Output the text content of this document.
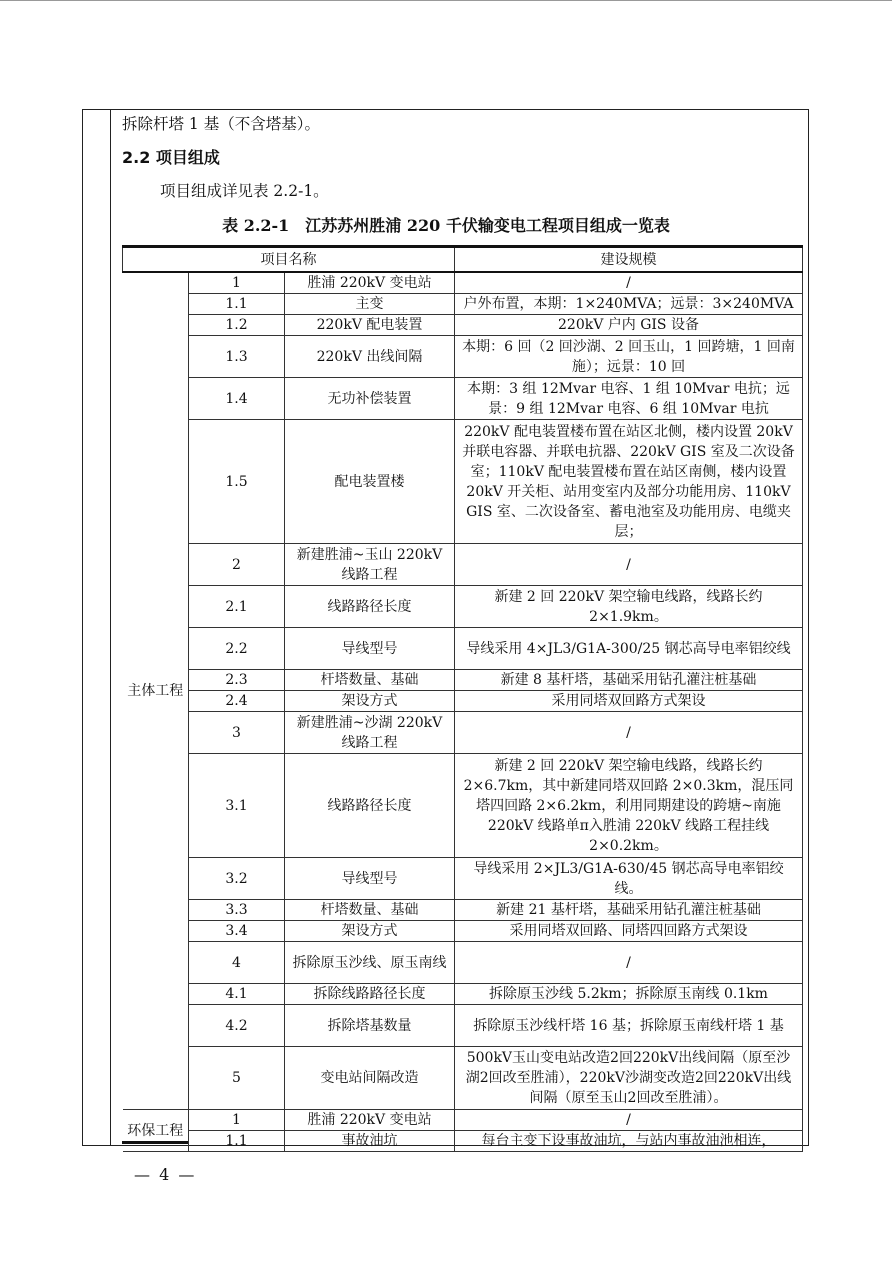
拆除杆塔 1 基（不含塔基）。
2.2 项目组成
项目组成详见表 2.2-1。
表 2.2-1　江苏苏州胜浦 220 千伏输变电工程项目组成一览表
项目名称			建设规模
主体工程	1	胜浦 220kV 变电站	/
	1.1	主变	户外布置，本期：1×240MVA；远景：3×240MVA
	1.2	220kV 配电装置	220kV 户内 GIS 设备
	1.3	220kV 出线间隔	本期：6 回（2 回沙湖、2 回玉山，1 回跨塘，1 回南施）；远景：10 回
	1.4	无功补偿装置	本期：3 组 12Mvar 电容、1 组 10Mvar 电抗；远景：9 组 12Mvar 电容、6 组 10Mvar 电抗
	1.5	配电装置楼	220kV 配电装置楼布置在站区北侧，楼内设置 20kV 并联电容器、并联电抗器、220kV GIS 室及二次设备室；110kV 配电装置楼布置在站区南侧，楼内设置 20kV 开关柜、站用变室内及部分功能用房、110kV GIS 室、二次设备室、蓄电池室及功能用房、电缆夹层；
	2	新建胜浦~玉山 220kV 线路工程	/
	2.1	线路路径长度	新建 2 回 220kV 架空输电线路，线路长约 2×1.9km。
	2.2	导线型号	导线采用 4×JL3/G1A-300/25 钢芯高导电率铝绞线
	2.3	杆塔数量、基础	新建 8 基杆塔，基础采用钻孔灌注桩基础
	2.4	架设方式	采用同塔双回路方式架设
	3	新建胜浦~沙湖 220kV 线路工程	/
	3.1	线路路径长度	新建 2 回 220kV 架空输电线路，线路长约 2×6.7km，其中新建同塔双回路 2×0.3km，混压同塔四回路 2×6.2km，利用同期建设的跨塘~南施 220kV 线路单π入胜浦 220kV 线路工程挂线 2×0.2km。
	3.2	导线型号	导线采用 2×JL3/G1A-630/45 钢芯高导电率铝绞线。
	3.3	杆塔数量、基础	新建 21 基杆塔，基础采用钻孔灌注桩基础
	3.4	架设方式	采用同塔双回路、同塔四回路方式架设
	4	拆除原玉沙线、原玉南线	/
	4.1	拆除线路路径长度	拆除原玉沙线 5.2km；拆除原玉南线 0.1km
	4.2	拆除塔基数量	拆除原玉沙线杆塔 16 基；拆除原玉南线杆塔 1 基
	5	变电站间隔改造	500kV玉山变电站改造2回220kV出线间隔（原至沙湖2回改至胜浦），220kV沙湖变改造2回220kV出线间隔（原至玉山2回改至胜浦）。

环保工程	1	胜浦 220kV 变电站	/
	1.1	事故油坑	每台主变下设事故油坑，与站内事故油池相连，
— 4 —
